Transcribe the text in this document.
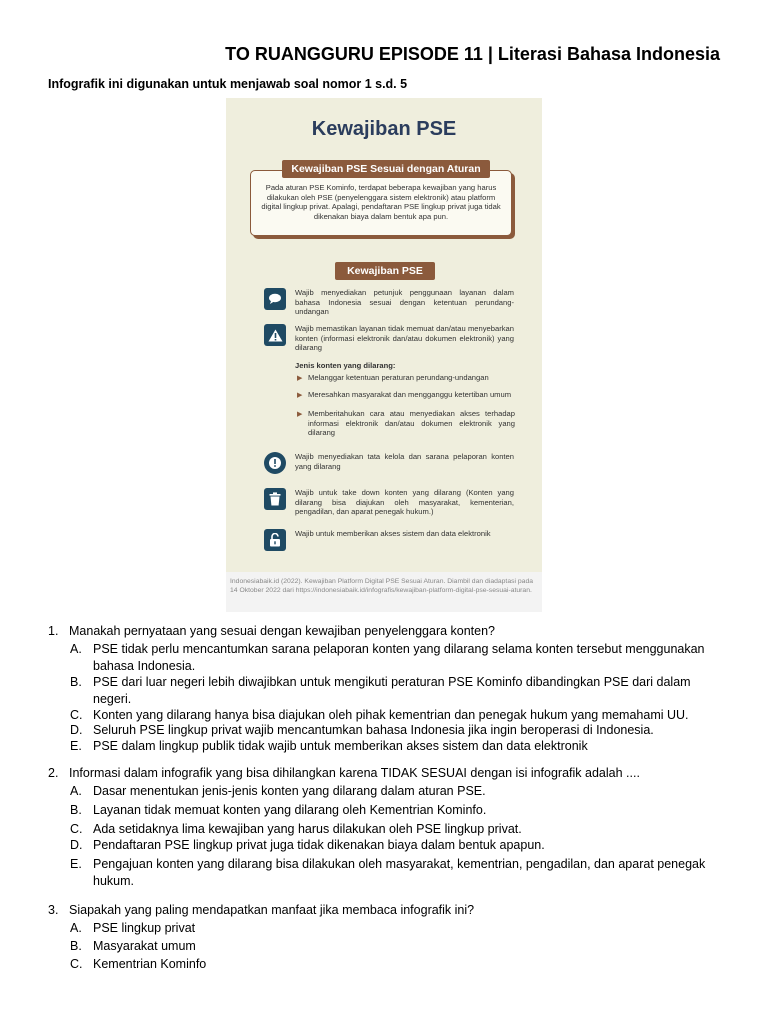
TO RUANGGURU EPISODE 11 | Literasi Bahasa Indonesia
Infografik ini digunakan untuk menjawab soal nomor 1 s.d. 5
Kewajiban PSE
Pada aturan PSE Kominfo, terdapat beberapa kewajiban yang harus dilakukan oleh PSE (penyelenggara sistem elektronik) atau platform digital lingkup privat. Apalagi, pendaftaran PSE lingkup privat juga tidak dikenakan biaya dalam bentuk apa pun.
Kewajiban PSE Sesuai dengan Aturan
Kewajiban PSE
Wajib menyediakan petunjuk penggunaan layanan dalam bahasa Indonesia sesuai dengan ketentuan perundang-undangan
Wajib memastikan layanan tidak memuat dan/atau menyebarkan konten (informasi elektronik dan/atau dokumen elektronik) yang dilarang
Jenis konten yang dilarang:
▶ Melanggar ketentuan peraturan perundang-undangan
▶ Meresahkan masyarakat dan mengganggu ketertiban umum
▶ Memberitahukan cara atau menyediakan akses terhadap informasi elektronik dan/atau dokumen elektronik yang dilarang
Wajib menyediakan tata kelola dan sarana pelaporan konten yang dilarang
Wajib untuk take down konten yang dilarang (Konten yang dilarang bisa diajukan oleh masyarakat, kementerian, pengadilan, dan aparat penegak hukum.)
Wajib untuk memberikan akses sistem dan data elektronik
Indonesiabaik.id (2022). Kewajiban Platform Digital PSE Sesuai Aturan. Diambil dan diadaptasi pada 14 Oktober 2022 dari https://indonesiabaik.id/infografis/kewajiban-platform-digital-pse-sesuai-aturan.
1. Manakah pernyataan yang sesuai dengan kewajiban penyelenggara konten?
A. PSE tidak perlu mencantumkan sarana pelaporan konten yang dilarang selama konten tersebut menggunakan bahasa Indonesia.
B. PSE dari luar negeri lebih diwajibkan untuk mengikuti peraturan PSE Kominfo dibandingkan PSE dari dalam negeri.
C. Konten yang dilarang hanya bisa diajukan oleh pihak kementrian dan penegak hukum yang memahami UU.
D. Seluruh PSE lingkup privat wajib mencantumkan bahasa Indonesia jika ingin beroperasi di Indonesia.
E. PSE dalam lingkup publik tidak wajib untuk memberikan akses sistem dan data elektronik
2. Informasi dalam infografik yang bisa dihilangkan karena TIDAK SESUAI dengan isi infografik adalah ....
A. Dasar menentukan jenis-jenis konten yang dilarang dalam aturan PSE.
B. Layanan tidak memuat konten yang dilarang oleh Kementrian Kominfo.
C. Ada setidaknya lima kewajiban yang harus dilakukan oleh PSE lingkup privat.
D. Pendaftaran PSE lingkup privat juga tidak dikenakan biaya dalam bentuk apapun.
E. Pengajuan konten yang dilarang bisa dilakukan oleh masyarakat, kementrian, pengadilan, dan aparat penegak hukum.
3. Siapakah yang paling mendapatkan manfaat jika membaca infografik ini?
A. PSE lingkup privat
B. Masyarakat umum
C. Kementrian Kominfo
